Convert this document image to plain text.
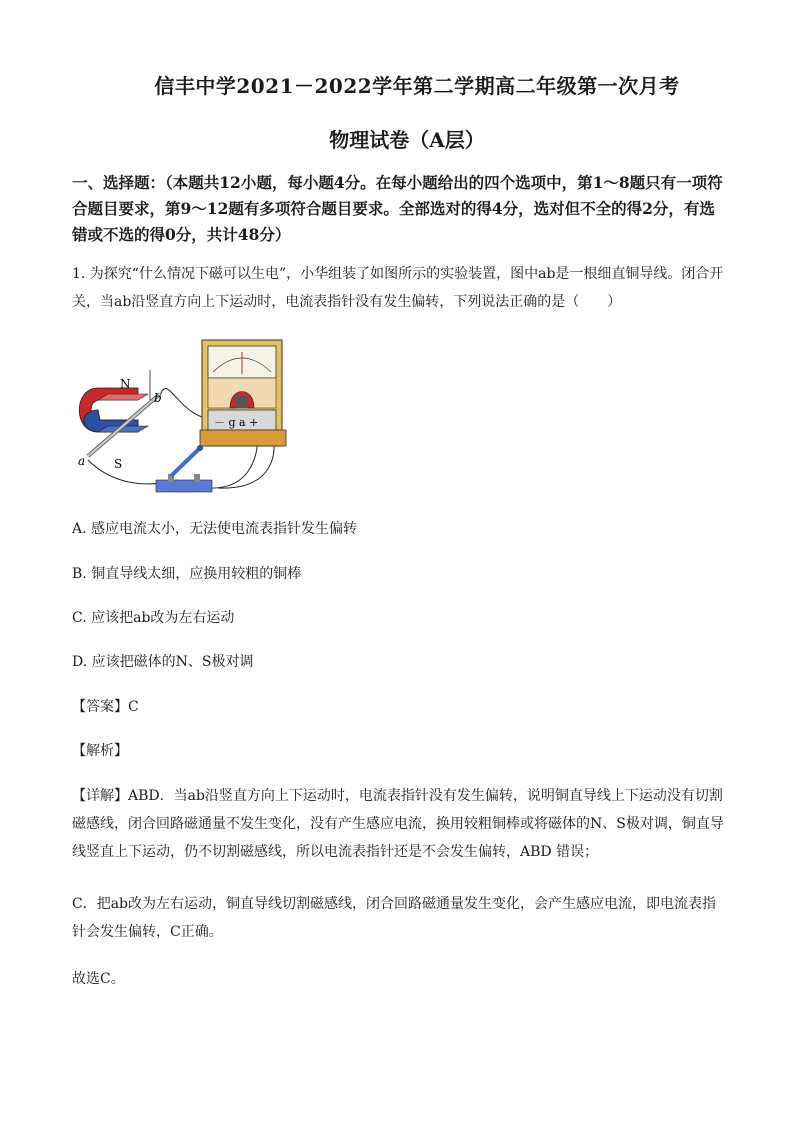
信丰中学2021－2022学年第二学期高二年级第一次月考
物理试卷（A层）
一、选择题：（本题共12小题，每小题4分。在每小题给出的四个选项中，第1～8题只有一项符合题目要求，第9～12题有多项符合题目要求。全部选对的得4分，选对但不全的得2分，有选错或不选的得0分，共计48分）
1. 为探究“什么情况下磁可以生电”，小华组装了如图所示的实验装置，图中ab是一根细直铜导线。闭合开关，当ab沿竖直方向上下运动时，电流表指针没有发生偏转，下列说法正确的是（　　）
N
S
a
b
－ g a +
A. 感应电流太小，无法使电流表指针发生偏转
B. 铜直导线太细，应换用较粗的铜棒
C. 应该把ab改为左右运动
D. 应该把磁体的N、S极对调
【答案】C
【解析】
【详解】ABD．当ab沿竖直方向上下运动时，电流表指针没有发生偏转，说明铜直导线上下运动没有切割磁感线，闭合回路磁通量不发生变化，没有产生感应电流，换用较粗铜棒或将磁体的N、S极对调，铜直导线竖直上下运动，仍不切割磁感线，所以电流表指针还是不会发生偏转，ABD 错误；
C．把ab改为左右运动，铜直导线切割磁感线，闭合回路磁通量发生变化，会产生感应电流，即电流表指针会发生偏转，C正确。
故选C。
